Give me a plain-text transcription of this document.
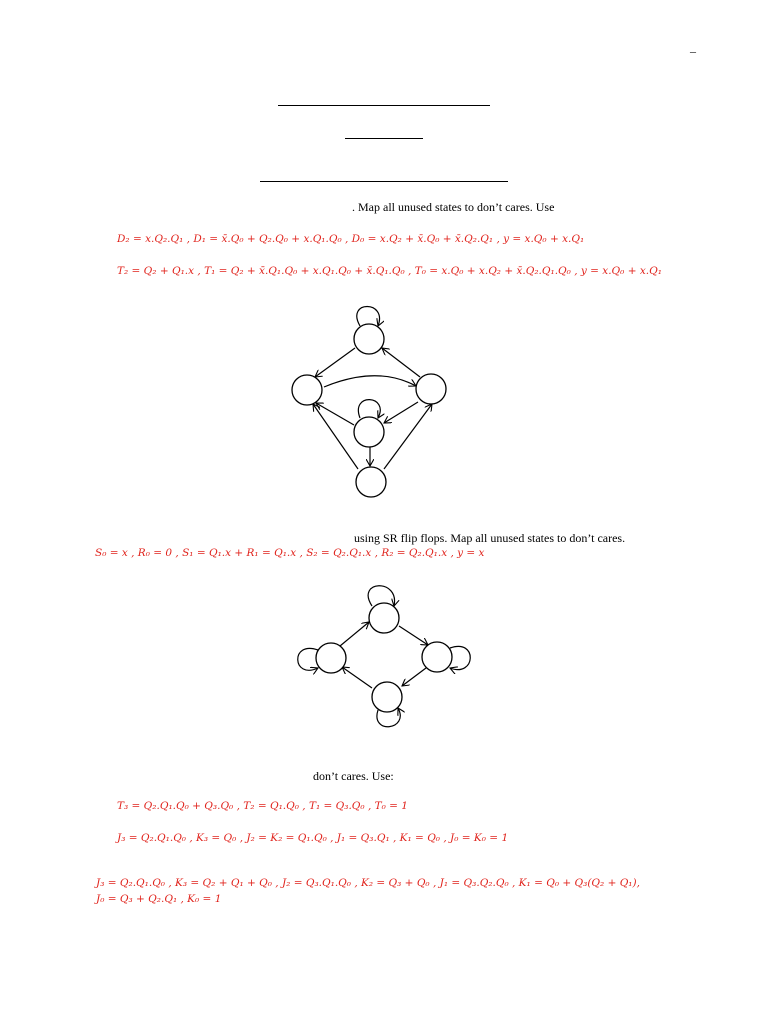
–
. Map all unused states to don’t cares. Use
D₂ = x.Q₂.Q₁ , D₁ = x̄.Q₀ + Q₂.Q₀ + x.Q₁.Q₀ , D₀ = x.Q₂ + x̄.Q₀ + x̄.Q₂.Q₁ , y = x.Q₀ + x.Q₁
T₂ = Q₂ + Q₁.x , T₁ = Q₂ + x̄.Q₁.Q₀ + x.Q₁.Q₀ + x̄.Q₁.Q₀ , T₀ = x.Q₀ + x.Q₂ + x̄.Q₂.Q₁.Q₀ , y = x.Q₀ + x.Q₁
using SR flip flops. Map all unused states to don’t cares.
S₀ = x , R₀ = 0 , S₁ = Q₁.x + R₁ = Q₁.x , S₂ = Q₂.Q₁.x , R₂ = Q₂.Q₁.x , y = x
don’t cares. Use:
T₃ = Q₂.Q₁.Q₀ + Q₃.Q₀ , T₂ = Q₁.Q₀ , T₁ = Q₃.Q₀ , T₀ = 1
J₃ = Q₂.Q₁.Q₀ , K₃ = Q₀ , J₂ = K₂ = Q₁.Q₀ , J₁ = Q₃.Q₁ , K₁ = Q₀ , J₀ = K₀ = 1
J₃ = Q₂.Q₁.Q₀ , K₃ = Q₂ + Q₁ + Q₀ , J₂ = Q₃.Q₁.Q₀ , K₂ = Q₃ + Q₀ , J₁ = Q₃.Q₂.Q₀ , K₁ = Q₀ + Q₃(Q₂ + Q₁),
J₀ = Q₃ + Q₂.Q₁ , K₀ = 1
